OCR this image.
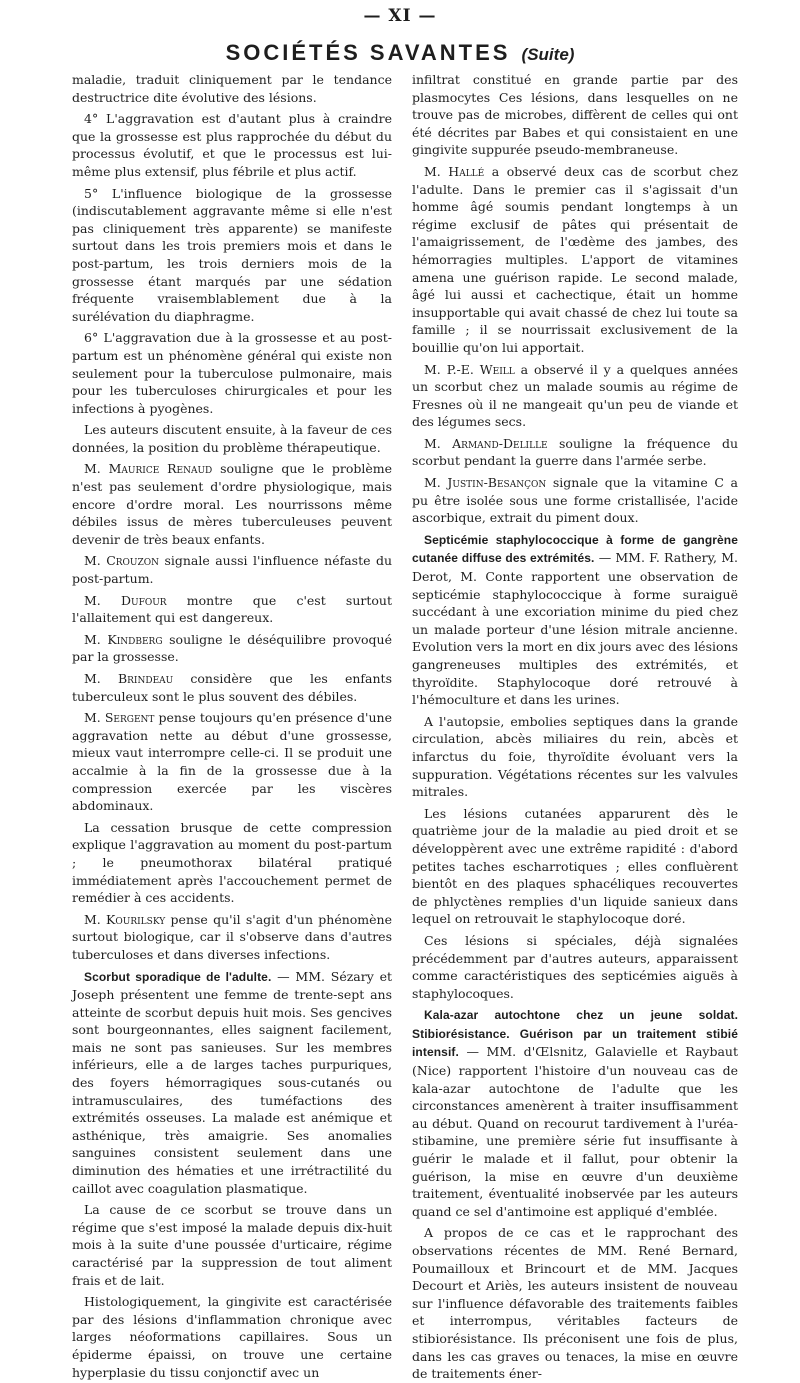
— XI —
SOCIÉTÉS SAVANTES (Suite)

maladie, traduit cliniquement par le tendance destructrice dite évolutive des lésions.

4° L'aggravation est d'autant plus à craindre que la grossesse est plus rapprochée du début du processus évolutif, et que le processus est lui-même plus extensif, plus fébrile et plus actif.

5° L'influence biologique de la grossesse (indiscutablement aggravante même si elle n'est pas cliniquement très apparente) se manifeste surtout dans les trois premiers mois et dans le post-partum, les trois derniers mois de la grossesse étant marqués par une sédation fréquente vraisemblablement due à la surélévation du diaphragme.

6° L'aggravation due à la grossesse et au post-partum est un phénomène général qui existe non seulement pour la tuberculose pulmonaire, mais pour les tuberculoses chirurgicales et pour les infections à pyogènes.

Les auteurs discutent ensuite, à la faveur de ces données, la position du problème thérapeutique.

M. Maurice Renaud souligne que le problème n'est pas seulement d'ordre physiologique, mais encore d'ordre moral. Les nourrissons même débiles issus de mères tuberculeuses peuvent devenir de très beaux enfants.

M. Crouzon signale aussi l'influence néfaste du post-partum.

M. Dufour montre que c'est surtout l'allaitement qui est dangereux.

M. Kindberg souligne le déséquilibre provoqué par la grossesse.

M. Brindeau considère que les enfants tuberculeux sont le plus souvent des débiles.

M. Sergent pense toujours qu'en présence d'une aggravation nette au début d'une grossesse, mieux vaut interrompre celle-ci. Il se produit une accalmie à la fin de la grossesse due à la compression exercée par les viscères abdominaux.

La cessation brusque de cette compression explique l'aggravation au moment du post-partum ; le pneumothorax bilatéral pratiqué immédiatement après l'accouchement permet de remédier à ces accidents.

M. Kourilsky pense qu'il s'agit d'un phénomène surtout biologique, car il s'observe dans d'autres tuberculoses et dans diverses infections.

Scorbut sporadique de l'adulte. — MM. Sézary et Joseph présentent une femme de trente-sept ans atteinte de scorbut depuis huit mois. Ses gencives sont bourgeonnantes, elles saignent facilement, mais ne sont pas sanieuses. Sur les membres inférieurs, elle a de larges taches purpuriques, des foyers hémorragiques sous-cutanés ou intramusculaires, des tuméfactions des extrémités osseuses. La malade est anémique et asthénique, très amaigrie. Ses anomalies sanguines consistent seulement dans une diminution des hématies et une irrétractilité du caillot avec coagulation plasmatique.

La cause de ce scorbut se trouve dans un régime que s'est imposé la malade depuis dix-huit mois à la suite d'une poussée d'urticaire, régime caractérisé par la suppression de tout aliment frais et de lait.

Histologiquement, la gingivite est caractérisée par des lésions d'inflammation chronique avec larges néoformations capillaires. Sous un épiderme épaissi, on trouve une certaine hyperplasie du tissu conjonctif avec un

infiltrat constitué en grande partie par des plasmocytes Ces lésions, dans lesquelles on ne trouve pas de microbes, diffèrent de celles qui ont été décrites par Babes et qui consistaient en une gingivite suppurée pseudo-membraneuse.

M. Hallé a observé deux cas de scorbut chez l'adulte. Dans le premier cas il s'agissait d'un homme âgé soumis pendant longtemps à un régime exclusif de pâtes qui présentait de l'amaigrissement, de l'œdème des jambes, des hémorragies multiples. L'apport de vitamines amena une guérison rapide. Le second malade, âgé lui aussi et cachectique, était un homme insupportable qui avait chassé de chez lui toute sa famille ; il se nourrissait exclusivement de la bouillie qu'on lui apportait.

M. P.-E. Weill a observé il y a quelques années un scorbut chez un malade soumis au régime de Fresnes où il ne mangeait qu'un peu de viande et des légumes secs.

M. Armand-Delille souligne la fréquence du scorbut pendant la guerre dans l'armée serbe.

M. Justin-Besançon signale que la vitamine C a pu être isolée sous une forme cristallisée, l'acide ascorbique, extrait du piment doux.

Septicémie staphylococcique à forme de gangrène cutanée diffuse des extrémités. — MM. F. Rathery, M. Derot, M. Conte rapportent une observation de septicémie staphylococcique à forme suraiguë succédant à une excoriation minime du pied chez un malade porteur d'une lésion mitrale ancienne. Evolution vers la mort en dix jours avec des lésions gangreneuses multiples des extrémités, et thyroïdite. Staphylocoque doré retrouvé à l'hémoculture et dans les urines.

A l'autopsie, embolies septiques dans la grande circulation, abcès miliaires du rein, abcès et infarctus du foie, thyroïdite évoluant vers la suppuration. Végétations récentes sur les valvules mitrales.

Les lésions cutanées apparurent dès le quatrième jour de la maladie au pied droit et se développèrent avec une extrême rapidité : d'abord petites taches escharrotiques ; elles confluèrent bientôt en des plaques sphacéliques recouvertes de phlyctènes remplies d'un liquide sanieux dans lequel on retrouvait le staphylocoque doré.

Ces lésions si spéciales, déjà signalées précédemment par d'autres auteurs, apparaissent comme caractéristiques des septicémies aiguës à staphylocoques.

Kala-azar autochtone chez un jeune soldat. Stibiorésistance. Guérison par un traitement stibié intensif. — MM. d'Œlsnitz, Galavielle et Raybaut (Nice) rapportent l'histoire d'un nouveau cas de kala-azar autochtone de l'adulte que les circonstances amenèrent à traiter insuffisamment au début. Quand on recourut tardivement à l'uréa-stibamine, une première série fut insuffisante à guérir le malade et il fallut, pour obtenir la guérison, la mise en œuvre d'un deuxième traitement, éventualité inobservée par les auteurs quand ce sel d'antimoine est appliqué d'emblée.

A propos de ce cas et le rapprochant des observations récentes de MM. René Bernard, Poumailloux et Brincourt et de MM. Jacques Decourt et Ariès, les auteurs insistent de nouveau sur l'influence défavorable des traitements faibles et interrompus, véritables facteurs de stibiorésistance. Ils préconisent une fois de plus, dans les cas graves ou tenaces, la mise en œuvre de traitements éner-
